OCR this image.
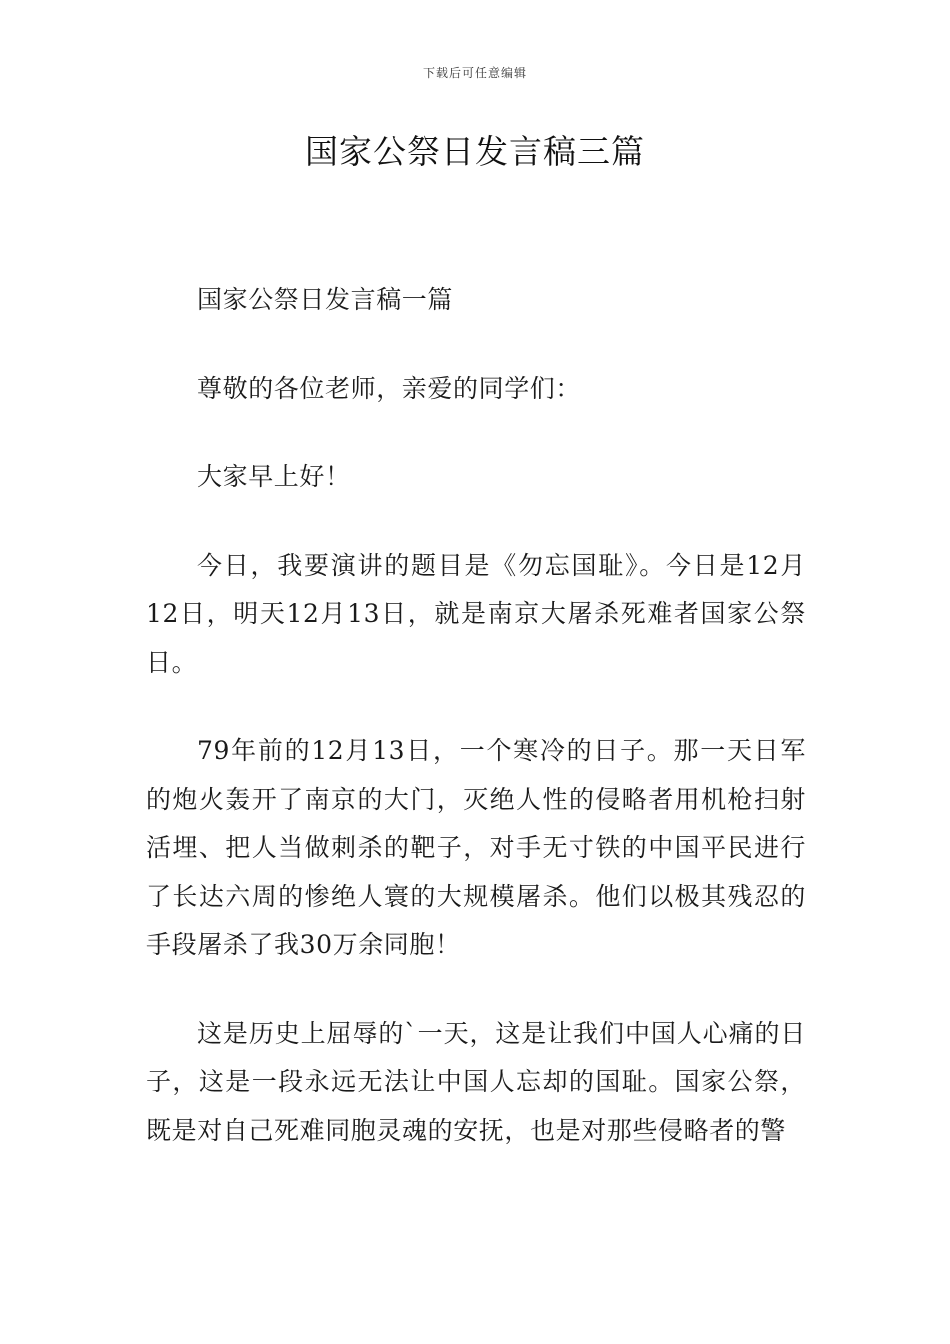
下载后可任意编辑
国家公祭日发言稿三篇

国家公祭日发言稿一篇

尊敬的各位老师，亲爱的同学们：

大家早上好！

今日，我要演讲的题目是《勿忘国耻》。今日是12月12日，明天12月13日，就是南京大屠杀死难者国家公祭日。

79年前的12月13日，一个寒冷的日子。那一天日军的炮火轰开了南京的大门，灭绝人性的侵略者用机枪扫射活埋、把人当做刺杀的靶子，对手无寸铁的中国平民进行了长达六周的惨绝人寰的大规模屠杀。他们以极其残忍的手段屠杀了我30万余同胞！

这是历史上屈辱的`一天，这是让我们中国人心痛的日子，这是一段永远无法让中国人忘却的国耻。国家公祭，既是对自己死难同胞灵魂的安抚，也是对那些侵略者的警
